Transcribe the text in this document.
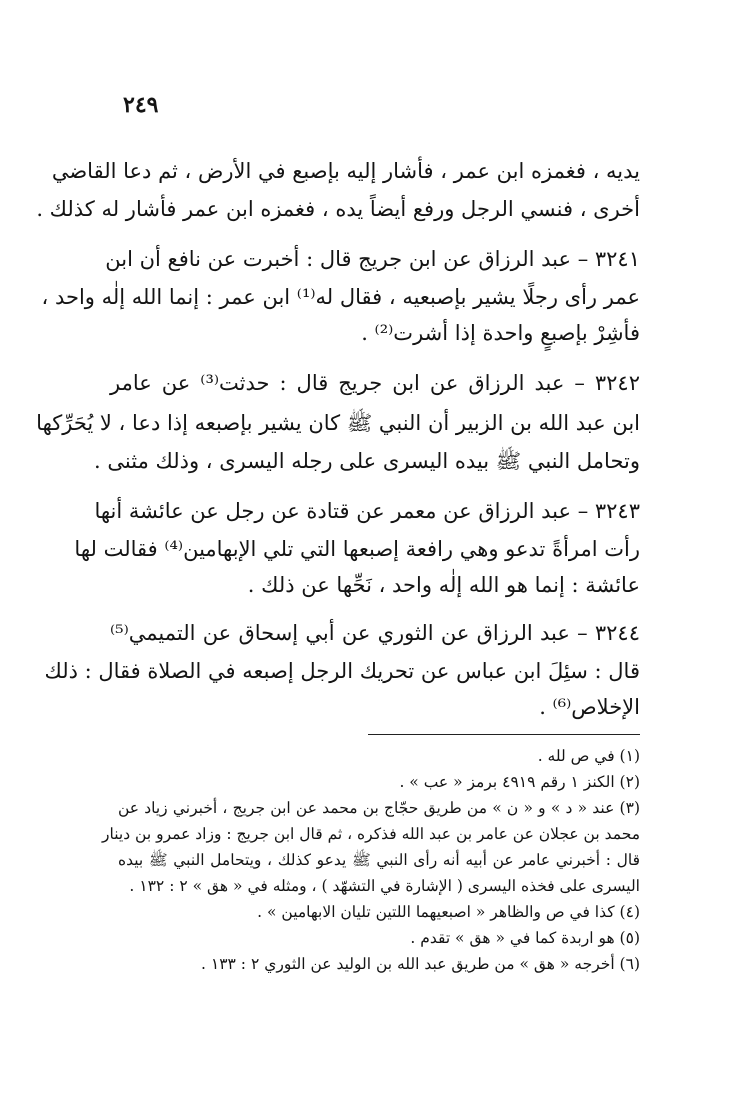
٢٤٩
يديه ، فغمزه ابن عمر ، فأشار إليه بإصبع في الأرض ، ثم دعا القاضي
أخرى ، فنسي الرجل ورفع أيضاً يده ، فغمزه ابن عمر فأشار له كذلك .
٣٢٤١ – عبد الرزاق عن ابن جريج قال : أخبرت عن نافع أن ابن
عمر رأى رجلًا يشير بإصبعيه ، فقال له⁽¹⁾ ابن عمر : إنما الله إلٰه واحد ،
فأشِرْ بإصبعٍ واحدة إذا أشرت⁽²⁾ .
٣٢٤٢ – عبد الرزاق عن ابن جريج قال : حدثت⁽³⁾ عن عامر
ابن عبد الله بن الزبير أن النبي ﷺ كان يشير بإصبعه إذا دعا ، لا يُحَرِّكها
وتحامل النبي ﷺ بيده اليسرى على رجله اليسرى ، وذلك مثنى .
٣٢٤٣ – عبد الرزاق عن معمر عن قتادة عن رجل عن عائشة أنها
رأت امرأةً تدعو وهي رافعة إصبعها التي تلي الإبهامين⁽⁴⁾ فقالت لها
عائشة : إنما هو الله إلٰه واحد ، نَحِّها عن ذلك .
٣٢٤٤ – عبد الرزاق عن الثوري عن أبي إسحاق عن التميمي⁽⁵⁾
قال : سئِلَ ابن عباس عن تحريك الرجل إصبعه في الصلاة فقال : ذلك
الإخلاص⁽⁶⁾ .
(١) في ص لله .
(٢) الكنز ١ رقم ٤٩١٩ برمز « عب » .
(٣) عند « د » و « ن » من طريق حجّاج بن محمد عن ابن جريج ، أخبرني زياد عن
محمد بن عجلان عن عامر بن عبد الله فذكره ، ثم قال ابن جريج : وزاد عمرو بن دينار
قال : أخبرني عامر عن أبيه أنه رأى النبي ﷺ يدعو كذلك ، ويتحامل النبي ﷺ بيده
اليسرى على فخذه اليسرى ( الإشارة في التشهّد ) ، ومثله في « هق » ٢ : ١٣٢ .
(٤) كذا في ص والظاهر « اصبعيهما اللتين تليان الابهامين » .
(٥) هو اربدة كما في « هق » تقدم .
(٦) أخرجه « هق » من طريق عبد الله بن الوليد عن الثوري ٢ : ١٣٣ .
